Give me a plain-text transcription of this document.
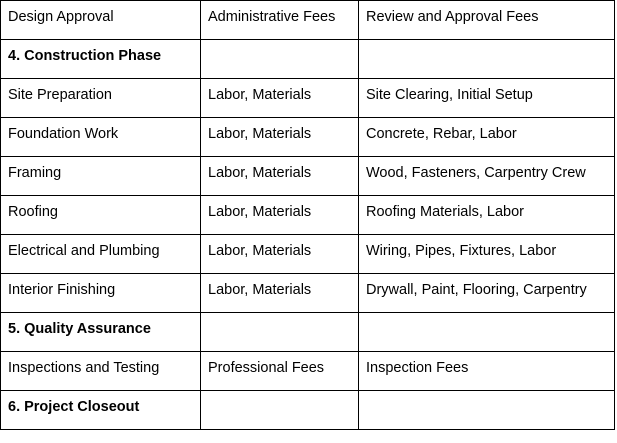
Design Approval	Administrative Fees	Review and Approval Fees
4. Construction Phase		
Site Preparation	Labor, Materials	Site Clearing, Initial Setup
Foundation Work	Labor, Materials	Concrete, Rebar, Labor
Framing	Labor, Materials	Wood, Fasteners, Carpentry Crew
Roofing	Labor, Materials	Roofing Materials, Labor
Electrical and Plumbing	Labor, Materials	Wiring, Pipes, Fixtures, Labor
Interior Finishing	Labor, Materials	Drywall, Paint, Flooring, Carpentry
5. Quality Assurance		
Inspections and Testing	Professional Fees	Inspection Fees
6. Project Closeout		
